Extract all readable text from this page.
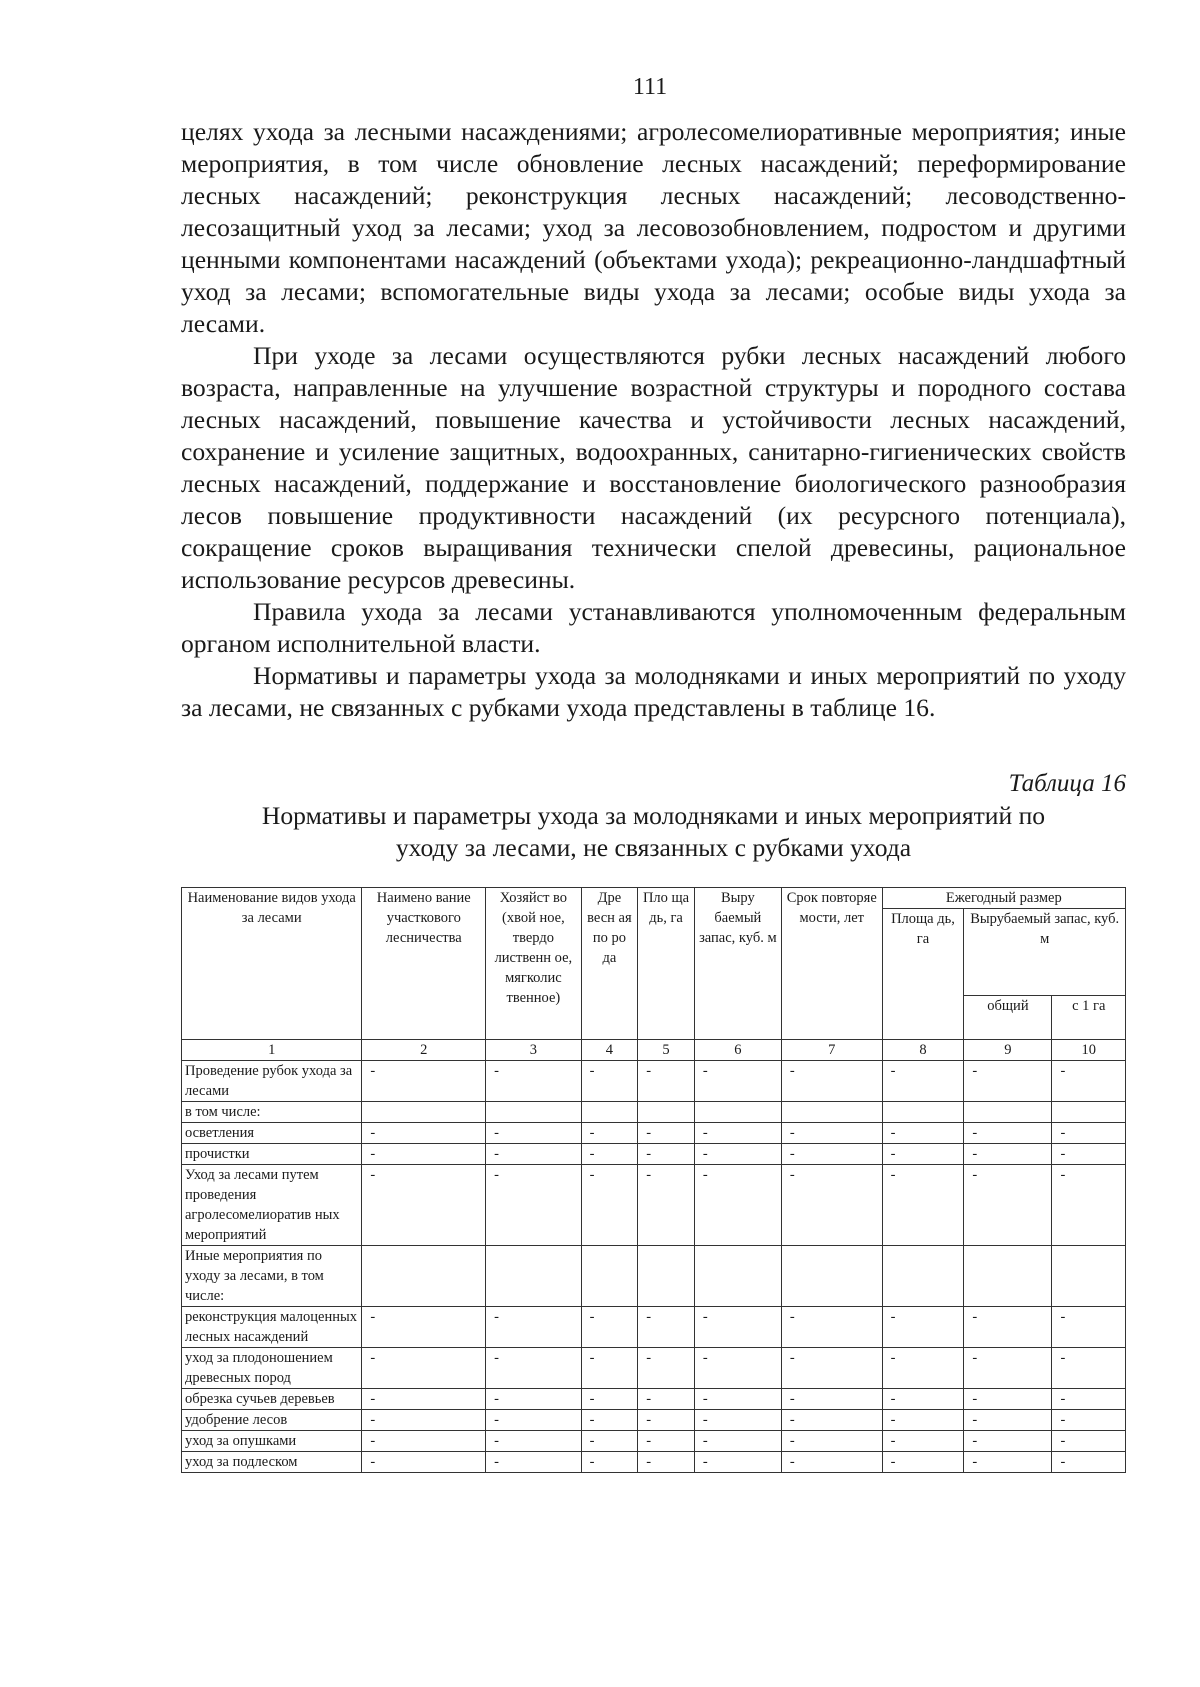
111

целях ухода за лесными насаждениями; агролесомелиоративные мероприятия; иные мероприятия, в том числе обновление лесных насаждений; переформирование лесных насаждений; реконструкция лесных насаждений; лесоводственно-лесозащитный уход за лесами; уход за лесовозобновлением, подростом и другими ценными компонентами насаждений (объектами ухода); рекреационно-ландшафтный уход за лесами; вспомогательные виды ухода за лесами; особые виды ухода за лесами.

При уходе за лесами осуществляются рубки лесных насаждений любого возраста, направленные на улучшение возрастной структуры и породного состава лесных насаждений, повышение качества и устойчивости лесных насаждений, сохранение и усиление защитных, водоохранных, санитарно-гигиенических свойств лесных насаждений, поддержание и восстановление биологического разнообразия лесов повышение продуктивности насаждений (их ресурсного потенциала), сокращение сроков выращивания технически спелой древесины, рациональное использование ресурсов древесины.

Правила ухода за лесами устанавливаются уполномоченным федеральным органом исполнительной власти.

Нормативы и параметры ухода за молодняками и иных мероприятий по уходу за лесами, не связанных с рубками ухода представлены в таблице 16.

Таблица 16
Нормативы и параметры ухода за молодняками и иных мероприятий по
уходу за лесами, не связанных с рубками ухода
Наименование видов ухода за лесами	Наимено вание участкового лесничества	Хозяйст во (хвой ное, твердо лиственн ое, мягколис твенное)	Дре весн ая по ро да	Пло ща дь, га	Выру баемый запас, куб. м	Срок повторяе мости, лет	Ежегодный размер		
							Площа дь, га	Вырубаемый запас, куб. м	
								общий	с 1 га
1	2	3	4	5	6	7	8	9	10
Проведение рубок ухода за лесами	-	-	-	-	-	-	-	-	-
в том числе:									
осветления	-	-	-	-	-	-	-	-	-
прочистки	-	-	-	-	-	-	-	-	-
Уход за лесами путем проведения агролесомелиоратив ных мероприятий	-	-	-	-	-	-	-	-	-
Иные мероприятия по уходу за лесами, в том числе:									
реконструкция малоценных лесных насаждений	-	-	-	-	-	-	-	-	-
уход за плодоношением древесных пород	-	-	-	-	-	-	-	-	-
обрезка сучьев деревьев	-	-	-	-	-	-	-	-	-
удобрение лесов	-	-	-	-	-	-	-	-	-
уход за опушками	-	-	-	-	-	-	-	-	-
уход за подлеском	-	-	-	-	-	-	-	-	-
